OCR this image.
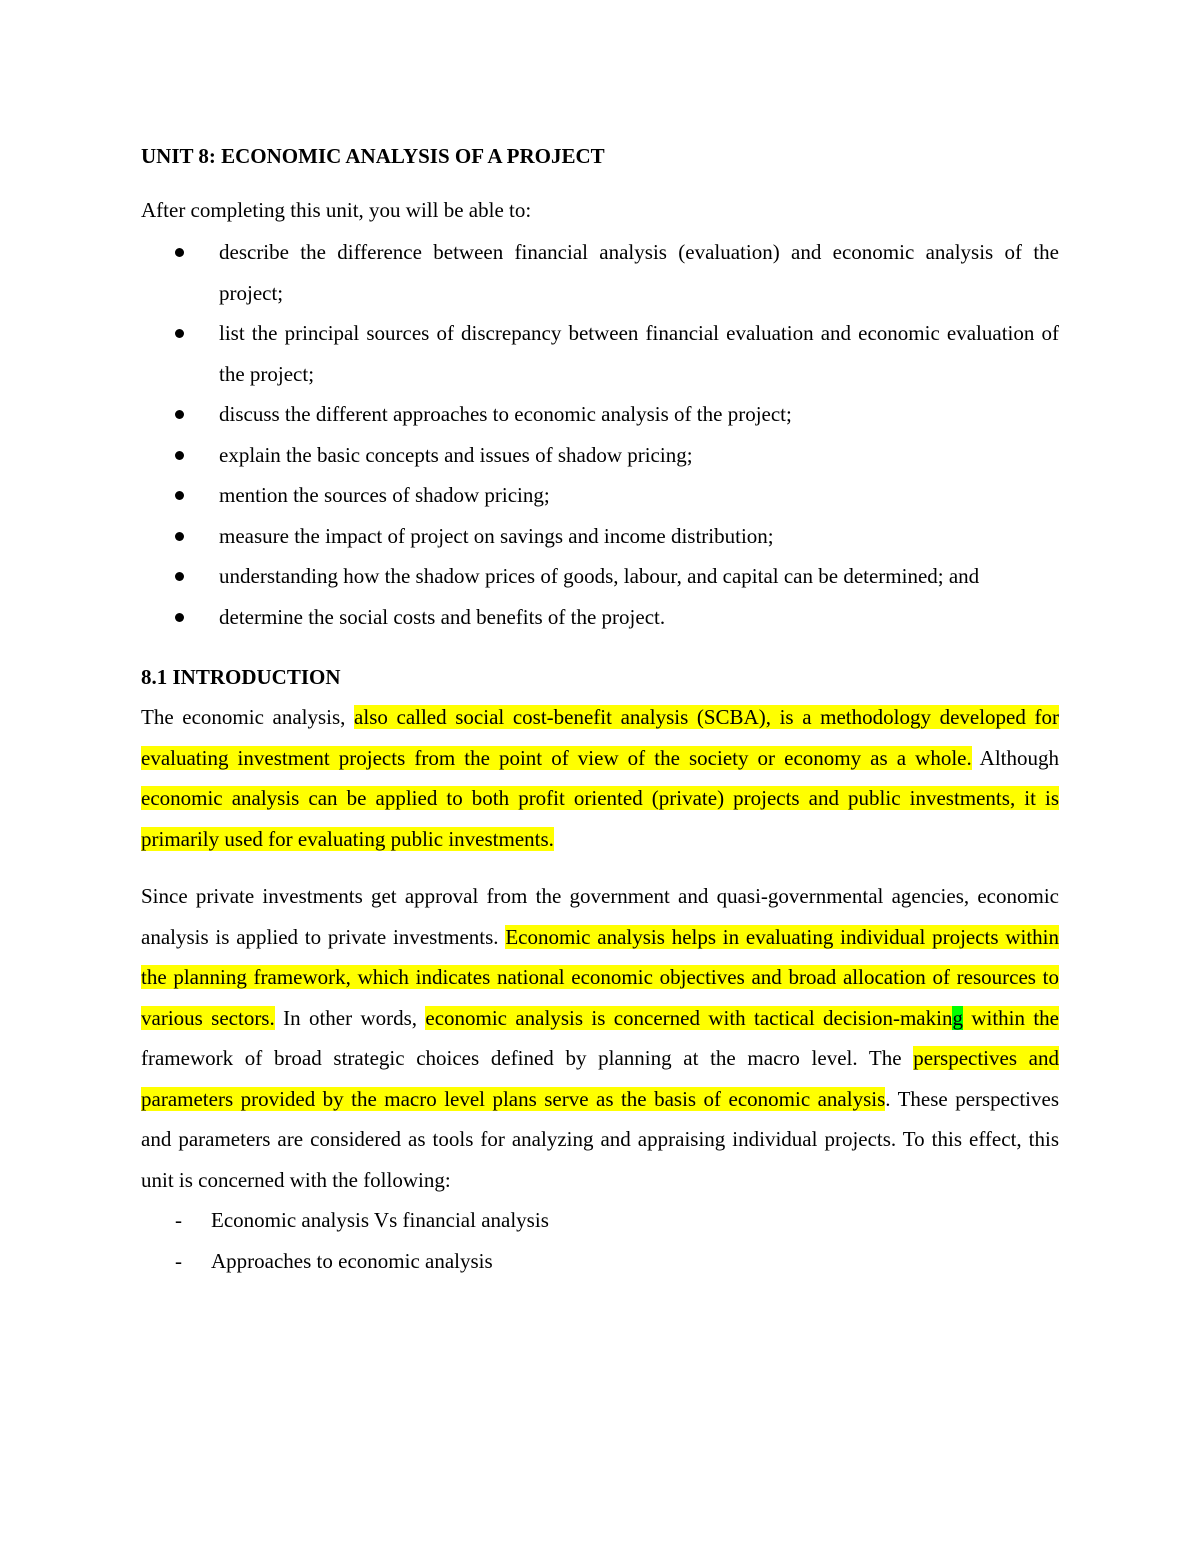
UNIT 8: ECONOMIC ANALYSIS OF A PROJECT
After completing this unit, you will be able to:
describe the difference between financial analysis (evaluation) and economic analysis of the project;
list the principal sources of discrepancy between financial evaluation and economic evaluation of the project;
discuss the different approaches to economic analysis of the project;
explain the basic concepts and issues of shadow pricing;
mention the sources of shadow pricing;
measure the impact of project on savings and income distribution;
understanding how the shadow prices of goods, labour, and capital can be determined; and
determine the social costs and benefits of the project.
8.1 INTRODUCTION

The economic analysis, also called social cost-benefit analysis (SCBA), is a methodology developed for evaluating investment projects from the point of view of the society or economy as a whole. Although economic analysis can be applied to both profit oriented (private) projects and public investments, it is primarily used for evaluating public investments.

Since private investments get approval from the government and quasi-governmental agencies, economic analysis is applied to private investments. Economic analysis helps in evaluating individual projects within the planning framework, which indicates national economic objectives and broad allocation of resources to various sectors. In other words, economic analysis is concerned with tactical decision-making within the framework of broad strategic choices defined by planning at the macro level. The perspectives and parameters provided by the macro level plans serve as the basis of economic analysis. These perspectives and parameters are considered as tools for analyzing and appraising individual projects. To this effect, this unit is concerned with the following:

- Economic analysis Vs financial analysis
- Approaches to economic analysis
